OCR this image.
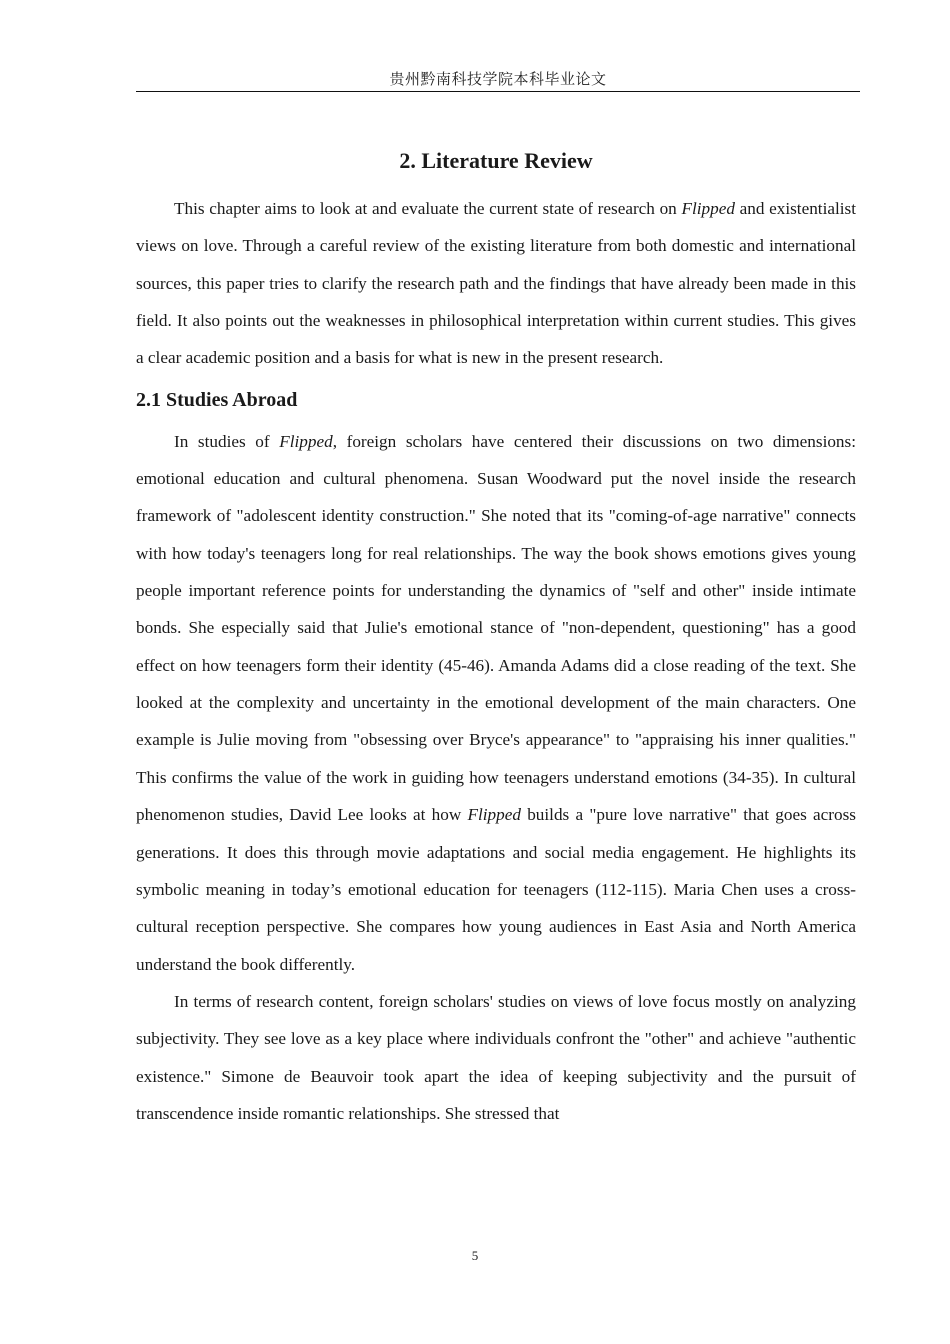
贵州黔南科技学院本科毕业论文
2. Literature Review

This chapter aims to look at and evaluate the current state of research on Flipped and existentialist views on love. Through a careful review of the existing literature from both domestic and international sources, this paper tries to clarify the research path and the findings that have already been made in this field. It also points out the weaknesses in philosophical interpretation within current studies. This gives a clear academic position and a basis for what is new in the present research.

2.1 Studies Abroad

In studies of Flipped, foreign scholars have centered their discussions on two dimensions: emotional education and cultural phenomena. Susan Woodward put the novel inside the research framework of "adolescent identity construction." She noted that its "coming-of-age narrative" connects with how today's teenagers long for real relationships. The way the book shows emotions gives young people important reference points for understanding the dynamics of "self and other" inside intimate bonds. She especially said that Julie's emotional stance of "non-dependent, questioning" has a good effect on how teenagers form their identity (45-46). Amanda Adams did a close reading of the text. She looked at the complexity and uncertainty in the emotional development of the main characters. One example is Julie moving from "obsessing over Bryce's appearance" to "appraising his inner qualities." This confirms the value of the work in guiding how teenagers understand emotions (34-35). In cultural phenomenon studies, David Lee looks at how Flipped builds a "pure love narrative" that goes across generations. It does this through movie adaptations and social media engagement. He highlights its symbolic meaning in today’s emotional education for teenagers (112-115). Maria Chen uses a cross-cultural reception perspective. She compares how young audiences in East Asia and North America understand the book differently.

In terms of research content, foreign scholars' studies on views of love focus mostly on analyzing subjectivity. They see love as a key place where individuals confront the "other" and achieve "authentic existence." Simone de Beauvoir took apart the idea of keeping subjectivity and the pursuit of transcendence inside romantic relationships. She stressed that

5
